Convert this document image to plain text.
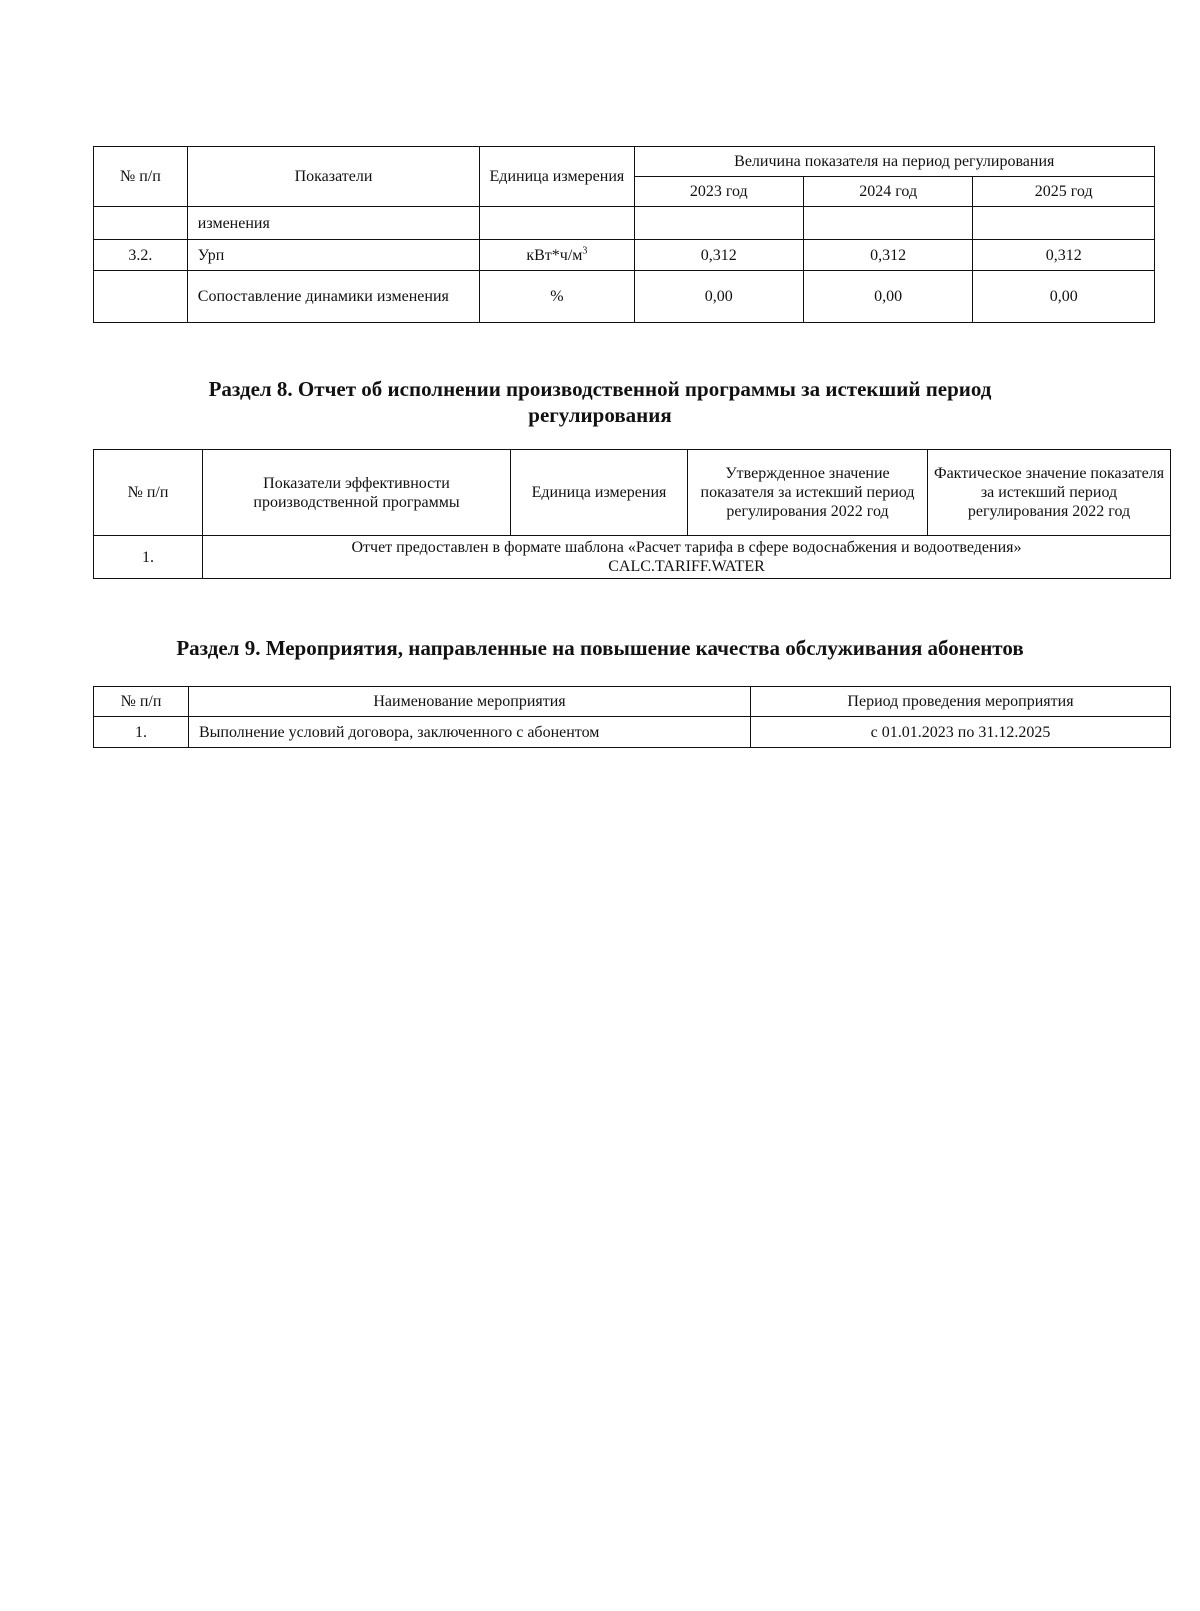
№ п/п	Показатели	Единица измерения	Величина показателя на период регулирования		
			2023 год	2024 год	2025 год
	изменения				
3.2.	Урп	$кВт*ч/м^3$	0,312	0,312	0,312
	Сопоставление динамики изменения	%	0,00	0,00	0,00
Раздел 8. Отчет об исполнении производственной программы за истекший период
регулирования
№ п/п	Показатели эффективности производственной программы	Единица измерения	Утвержденное значение показателя за истекший период регулирования 2022 год	Фактическое значение показателя за истекший период регулирования 2022 год
1.	Отчет предоставлен в формате шаблона «Расчет тарифа в сфере водоснабжения и водоотведения»
CALC.TARIFF.WATER			
Раздел 9. Мероприятия, направленные на повышение качества обслуживания абонентов
№ п/п	Наименование мероприятия	Период проведения мероприятия
1.	Выполнение условий договора, заключенного с абонентом	с 01.01.2023 по 31.12.2025
